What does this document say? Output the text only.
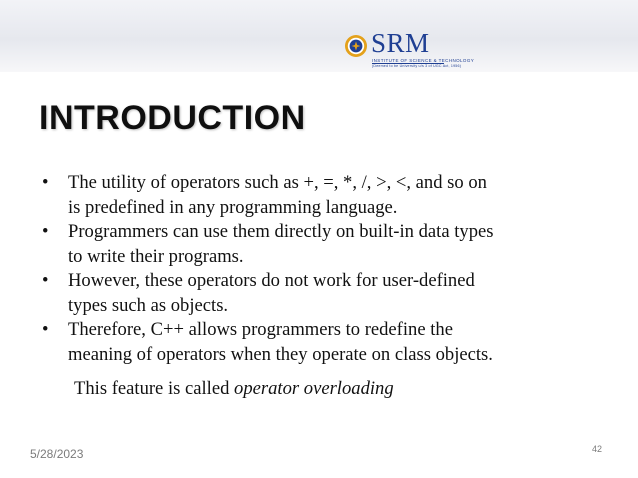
SRM
INSTITUTE OF SCIENCE & TECHNOLOGY
(Deemed to be University u/s 3 of UGC Act, 1956)
INTRODUCTION
• The utility of operators such as +, =, *, /, >, <, and so on
is predefined in any programming language.
• Programmers can use them directly on built-in data types
to write their programs.
• However, these operators do not work for user-defined
types such as objects.
• Therefore, C++ allows programmers to redefine the
meaning of operators when they operate on class objects.
This feature is called operator overloading
5/28/2023	42
